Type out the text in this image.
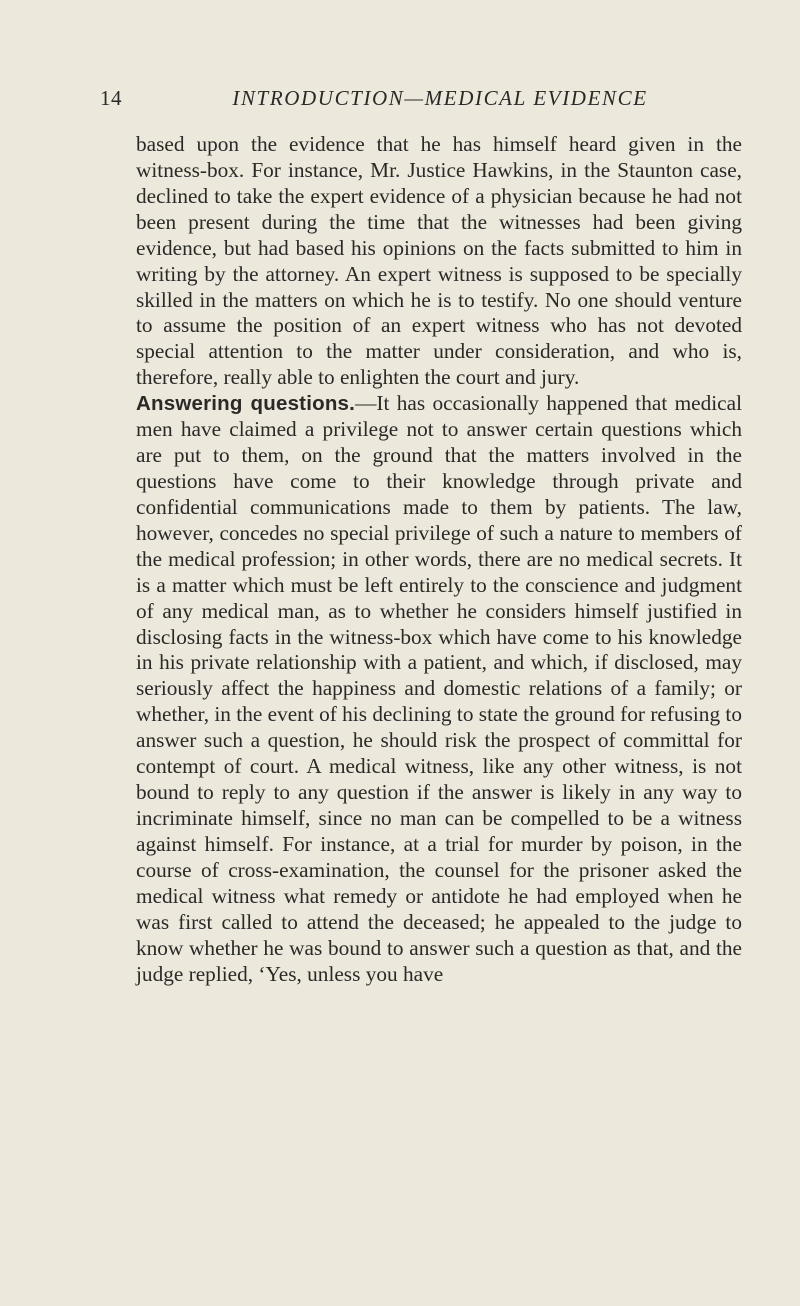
14	INTRODUCTION—MEDICAL EVIDENCE

based upon the evidence that he has himself heard given in the witness-box. For instance, Mr. Justice Hawkins, in the Staunton case, declined to take the expert evidence of a physician because he had not been present during the time that the witnesses had been giving evidence, but had based his opinions on the facts submitted to him in writing by the attorney. An expert witness is supposed to be specially skilled in the matters on which he is to testify. No one should venture to assume the position of an expert witness who has not devoted special attention to the matter under consideration, and who is, therefore, really able to enlighten the court and jury.

Answering questions.—It has occasionally happened that medical men have claimed a privilege not to answer certain questions which are put to them, on the ground that the matters involved in the questions have come to their knowledge through private and confidential communications made to them by patients. The law, however, concedes no special privilege of such a nature to members of the medical profession; in other words, there are no medical secrets. It is a matter which must be left entirely to the conscience and judgment of any medical man, as to whether he considers himself justified in disclosing facts in the witness-box which have come to his knowledge in his private relationship with a patient, and which, if disclosed, may seriously affect the happiness and domestic relations of a family; or whether, in the event of his declining to state the ground for refusing to answer such a question, he should risk the prospect of committal for contempt of court. A medical witness, like any other witness, is not bound to reply to any question if the answer is likely in any way to incriminate himself, since no man can be compelled to be a witness against himself. For instance, at a trial for murder by poison, in the course of cross-examination, the counsel for the prisoner asked the medical witness what remedy or antidote he had employed when he was first called to attend the deceased; he appealed to the judge to know whether he was bound to answer such a question as that, and the judge replied, ‘Yes, unless you have
